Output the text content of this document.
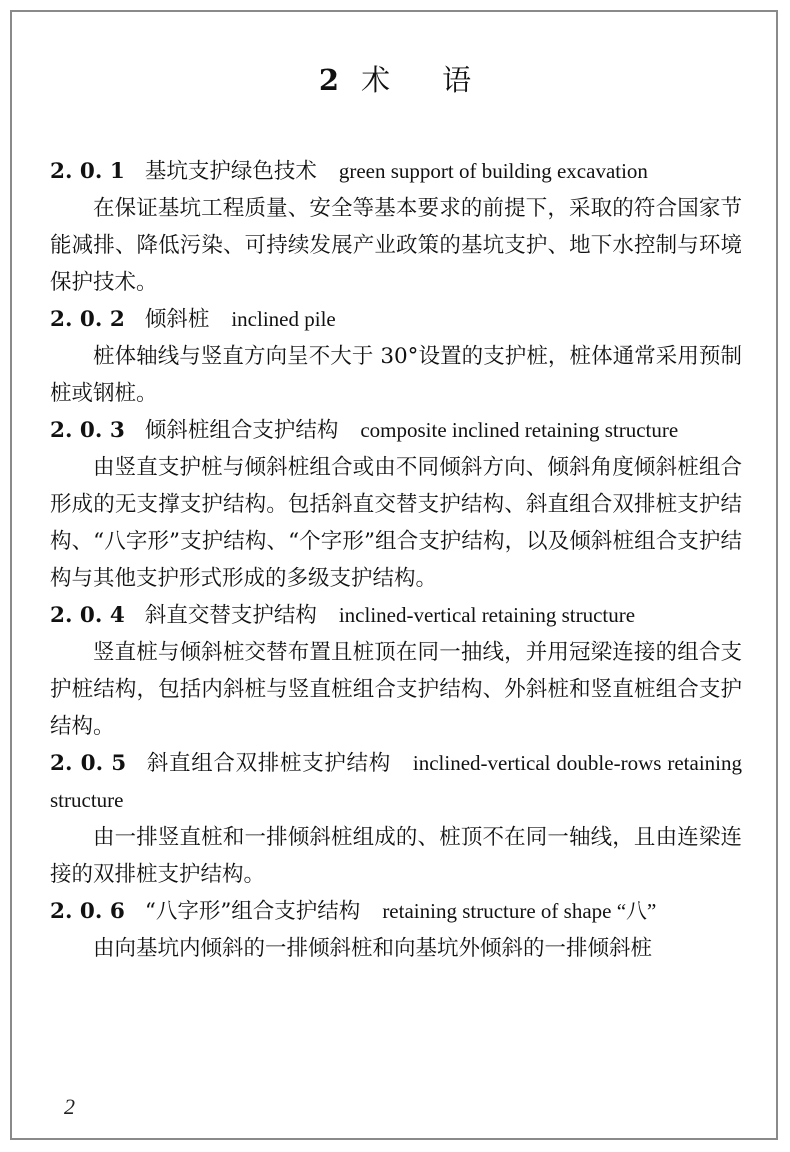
2 术 语

2. 0. 1 基坑支护绿色技术 green support of building excavation

在保证基坑工程质量、安全等基本要求的前提下，采取的符合国家节能减排、降低污染、可持续发展产业政策的基坑支护、地下水控制与环境保护技术。

2. 0. 2 倾斜桩 inclined pile

桩体轴线与竖直方向呈不大于 30°设置的支护桩，桩体通常采用预制桩或钢桩。

2. 0. 3 倾斜桩组合支护结构 composite inclined retaining structure

由竖直支护桩与倾斜桩组合或由不同倾斜方向、倾斜角度倾斜桩组合形成的无支撑支护结构。包括斜直交替支护结构、斜直组合双排桩支护结构、“八字形”支护结构、“个字形”组合支护结构，以及倾斜桩组合支护结构与其他支护形式形成的多级支护结构。

2. 0. 4 斜直交替支护结构 inclined-vertical retaining structure

竖直桩与倾斜桩交替布置且桩顶在同一抽线，并用冠梁连接的组合支护桩结构，包括内斜桩与竖直桩组合支护结构、外斜桩和竖直桩组合支护结构。

2. 0. 5 斜直组合双排桩支护结构 inclined-vertical double-rows retaining structure

由一排竖直桩和一排倾斜桩组成的、桩顶不在同一轴线，且由连梁连接的双排桩支护结构。

2. 0. 6 “八字形”组合支护结构 retaining structure of shape “八”

由向基坑内倾斜的一排倾斜桩和向基坑外倾斜的一排倾斜桩

2
